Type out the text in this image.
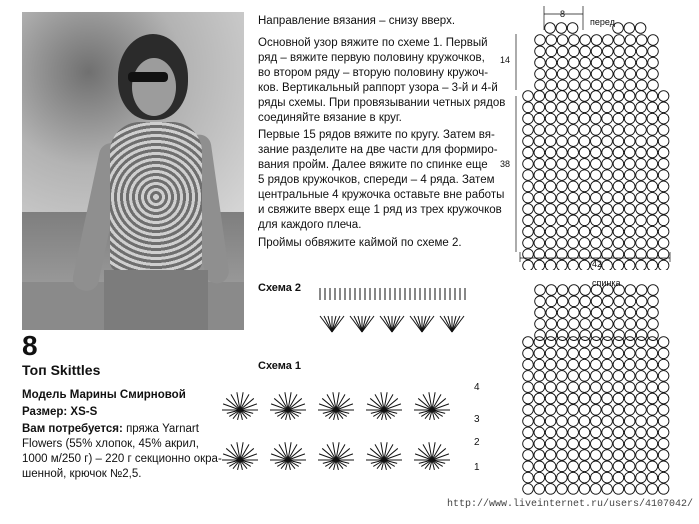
8

Топ Skittles

Модель Марины Смирновой

Размер: XS-S

Вам потребуется: пряжа Yarnart
Flowers (55% хлопок, 45% акрил,
1000 м/250 г) – 220 г секционно окра-
шенной, крючок №2,5.

Направление вязания – снизу вверх.

Основной узор вяжите по схеме 1. Первый
ряд – вяжите первую половину кружочков,
во втором ряду – вторую половину кружоч-
ков. Вертикальный раппорт узора – 3-й и 4-й
ряды схемы. При провязывании четных рядов
соединяйте вязание в круг.
Первые 15 рядов вяжите по кругу. Затем вя-
зание разделите на две части для формиро-
вания пройм. Далее вяжите по спинке еще
5 рядов кружочков, спереди – 4 ряда. Затем
центральные 4 кружочка оставьте вне работы
и свяжите вверх еще 1 ряд из трех кружочков
для каждого плеча.

Проймы обвяжите каймой по схеме 2.

Схема 2

Схема 1

4

3

2

1

8

перед

14

38

42

спинка

http://www.liveinternet.ru/users/4107042/
